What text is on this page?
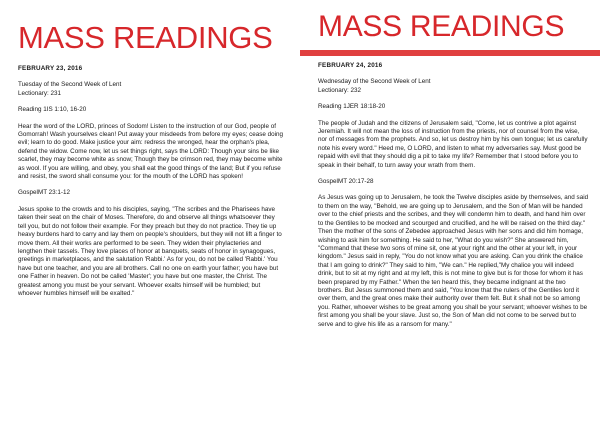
MASS READINGS

FEBRUARY 23, 2016

Tuesday of the Second Week of Lent

Lectionary: 231

Reading 1IS 1:10, 16-20

Hear the word of the LORD, princes of Sodom! Listen to the instruction of our God, people of Gomorrah! Wash yourselves clean! Put away your misdeeds from before my eyes; cease doing evil; learn to do good. Make justice your aim: redress the wronged, hear the orphan's plea, defend the widow. Come now, let us set things right, says the LORD: Though your sins be like scarlet, they may become white as snow; Though they be crimson red, they may become white as wool. If you are willing, and obey, you shall eat the good things of the land; But if you refuse and resist, the sword shall consume you: for the mouth of the LORD has spoken!

GospelMT 23:1-12

Jesus spoke to the crowds and to his disciples, saying, "The scribes and the Pharisees have taken their seat on the chair of Moses. Therefore, do and observe all things whatsoever they tell you, but do not follow their example. For they preach but they do not practice. They tie up heavy burdens hard to carry and lay them on people's shoulders, but they will not lift a finger to move them. All their works are performed to be seen. They widen their phylacteries and lengthen their tassels. They love places of honor at banquets, seats of honor in synagogues, greetings in marketplaces, and the salutation 'Rabbi.' As for you, do not be called 'Rabbi.' You have but one teacher, and you are all brothers. Call no one on earth your father; you have but one Father in heaven. Do not be called 'Master'; you have but one master, the Christ. The greatest among you must be your servant. Whoever exalts himself will be humbled; but whoever humbles himself will be exalted."

MASS READINGS

FEBRUARY 24, 2016

Wednesday of the Second Week of Lent

Lectionary: 232

Reading 1JER 18:18-20

The people of Judah and the citizens of Jerusalem said, "Come, let us contrive a plot against Jeremiah. It will not mean the loss of instruction from the priests, nor of counsel from the wise, nor of messages from the prophets. And so, let us destroy him by his own tongue; let us carefully note his every word." Heed me, O LORD, and listen to what my adversaries say. Must good be repaid with evil that they should dig a pit to take my life? Remember that I stood before you to speak in their behalf, to turn away your wrath from them.

GospelMT 20:17-28

As Jesus was going up to Jerusalem, he took the Twelve disciples aside by themselves, and said to them on the way, "Behold, we are going up to Jerusalem, and the Son of Man will be handed over to the chief priests and the scribes, and they will condemn him to death, and hand him over to the Gentiles to be mocked and scourged and crucified, and he will be raised on the third day."

Then the mother of the sons of Zebedee approached Jesus with her sons and did him homage, wishing to ask him for something. He said to her, "What do you wish?" She answered him, "Command that these two sons of mine sit, one at your right and the other at your left, in your kingdom." Jesus said in reply, "You do not know what you are asking. Can you drink the chalice that I am going to drink?" They said to him, "We can." He replied,"My chalice you will indeed drink, but to sit at my right and at my left, this is not mine to give but is for those for whom it has been prepared by my Father." When the ten heard this, they became indignant at the two brothers. But Jesus summoned them and said, "You know that the rulers of the Gentiles lord it over them, and the great ones make their authority over them felt. But it shall not be so among you. Rather, whoever wishes to be great among you shall be your servant; whoever wishes to be first among you shall be your slave. Just so, the Son of Man did not come to be served but to serve and to give his life as a ransom for many."
